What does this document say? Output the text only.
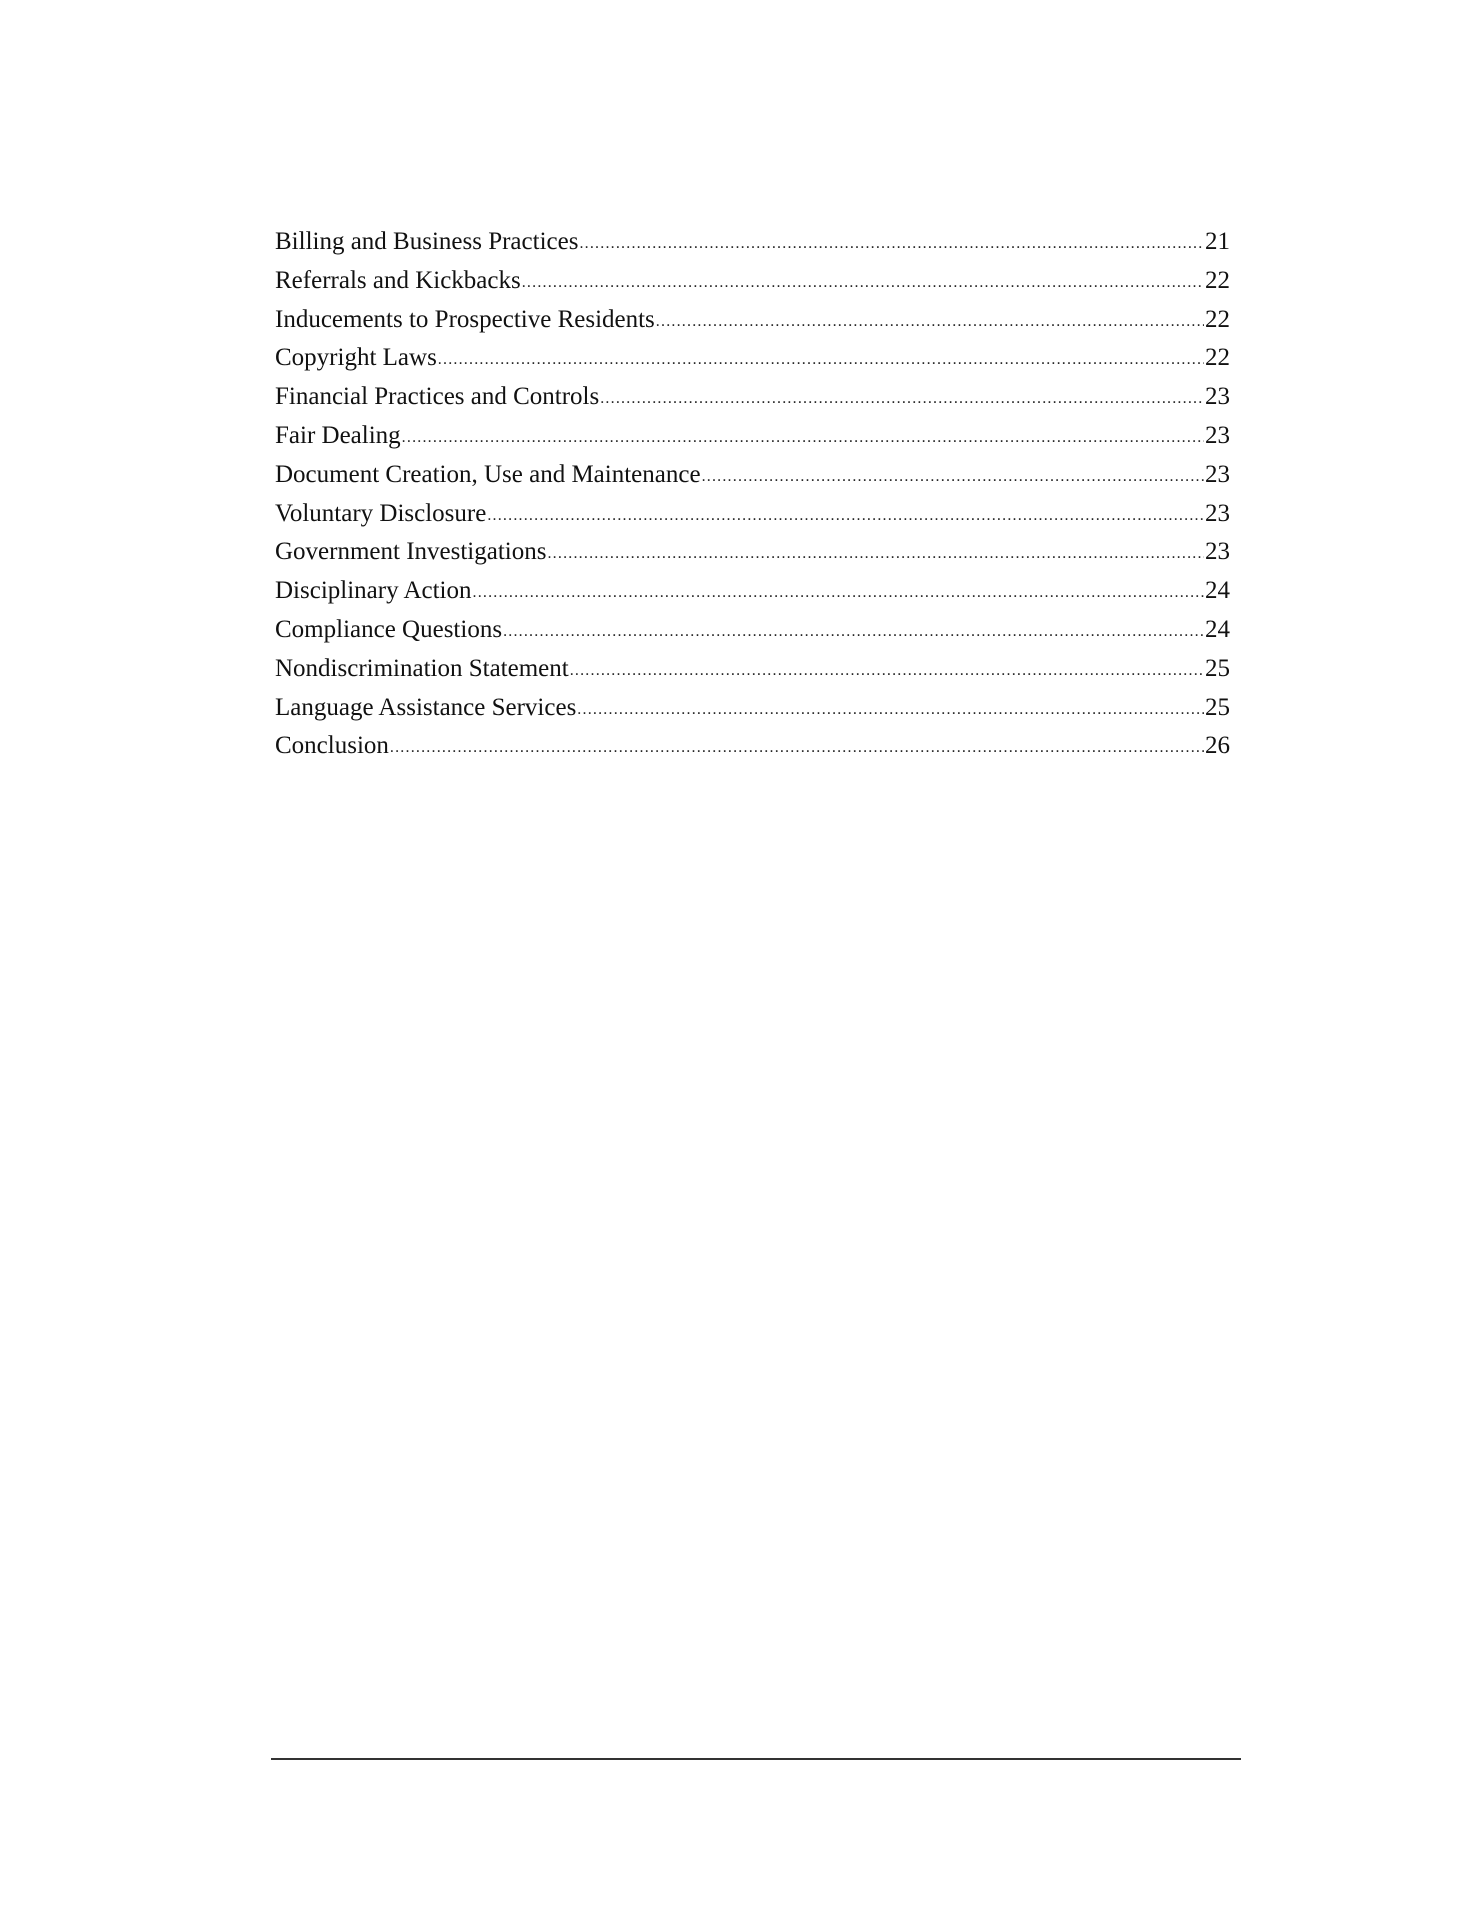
Billing and Business Practices .....	21
Referrals and Kickbacks .....	22
Inducements to Prospective Residents .....	22
Copyright Laws .....	22
Financial Practices and Controls .....	23
Fair Dealing .....	23
Document Creation, Use and Maintenance .....	23
Voluntary Disclosure .....	23
Government Investigations .....	23
Disciplinary Action .....	24
Compliance Questions .....	24
Nondiscrimination Statement .....	25
Language Assistance Services .....	25
Conclusion .....	26
